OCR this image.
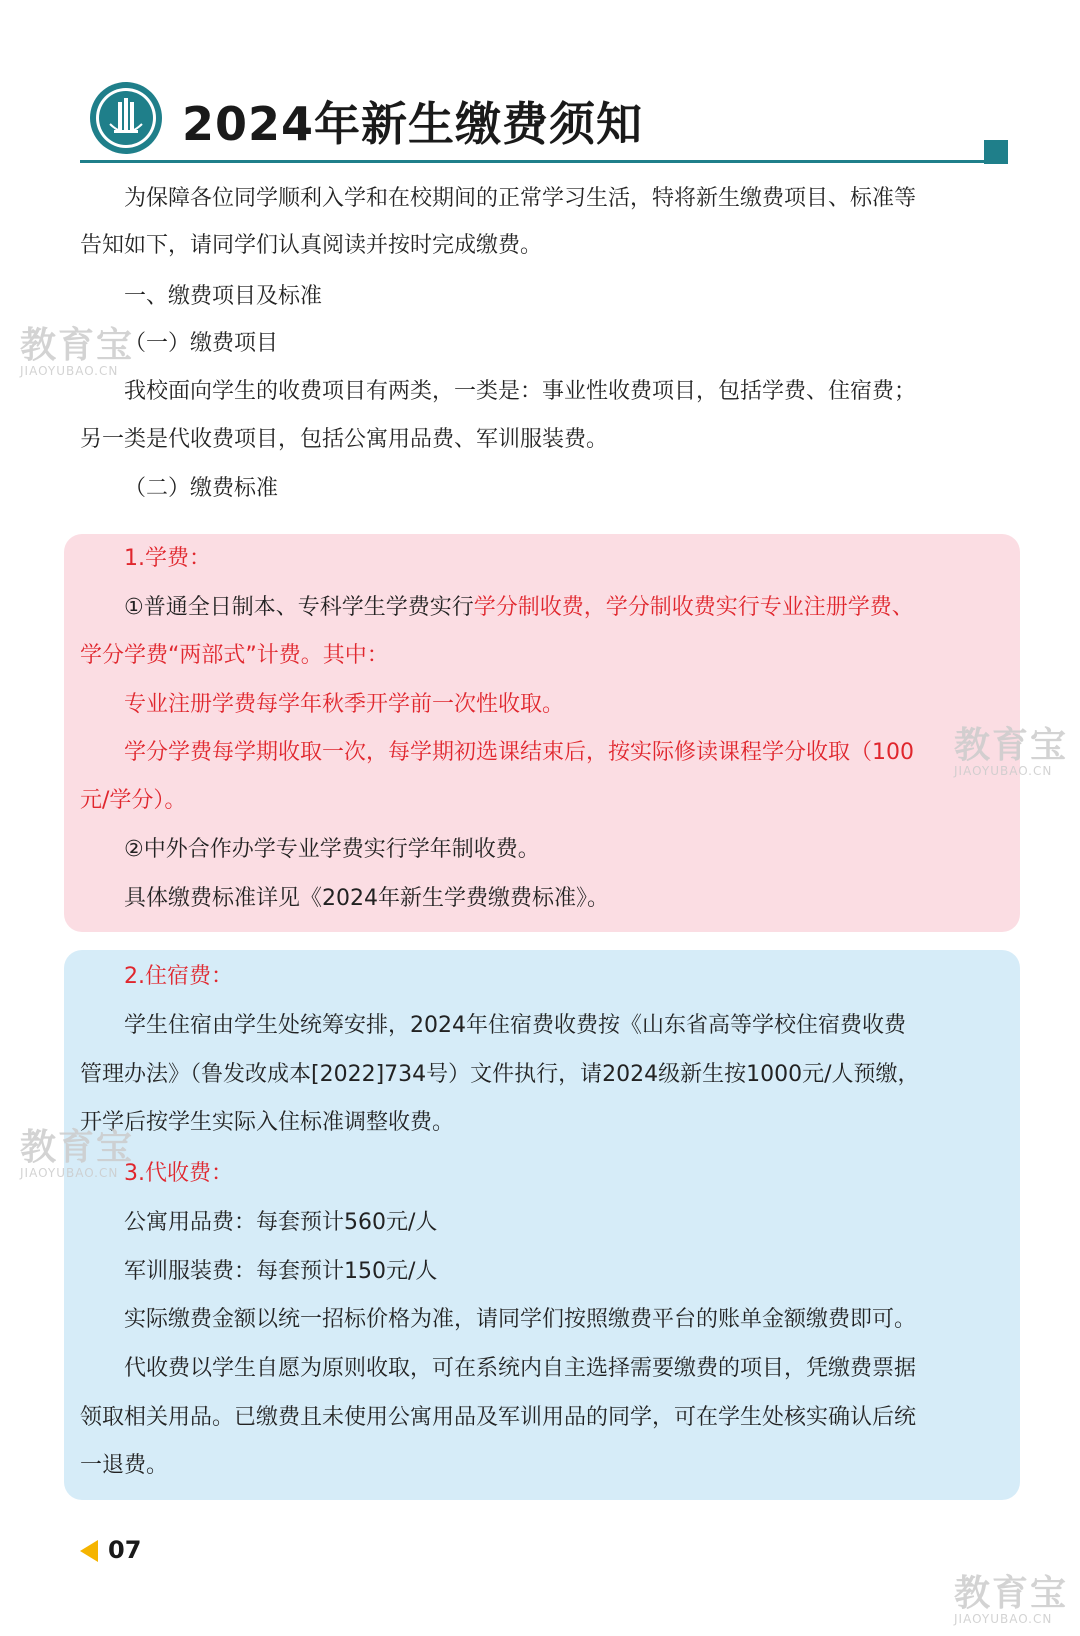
2024年新生缴费须知
为保障各位同学顺利入学和在校期间的正常学习生活，特将新生缴费项目、标准等
告知如下，请同学们认真阅读并按时完成缴费。
一、缴费项目及标准
（一）缴费项目
我校面向学生的收费项目有两类，一类是：事业性收费项目，包括学费、住宿费；
另一类是代收费项目，包括公寓用品费、军训服装费。
（二）缴费标准
1.学费：
①普通全日制本、专科学生学费实行学分制收费，学分制收费实行专业注册学费、
学分学费“两部式”计费。其中：
专业注册学费每学年秋季开学前一次性收取。
学分学费每学期收取一次，每学期初选课结束后，按实际修读课程学分收取（100
元/学分）。
②中外合作办学专业学费实行学年制收费。
具体缴费标准详见《2024年新生学费缴费标准》。
2.住宿费：
学生住宿由学生处统筹安排，2024年住宿费收费按《山东省高等学校住宿费收费
管理办法》（鲁发改成本[2022]734号）文件执行，请2024级新生按1000元/人预缴，
开学后按学生实际入住标准调整收费。
3.代收费：
公寓用品费：每套预计560元/人
军训服装费：每套预计150元/人
实际缴费金额以统一招标价格为准，请同学们按照缴费平台的账单金额缴费即可。
代收费以学生自愿为原则收取，可在系统内自主选择需要缴费的项目，凭缴费票据
领取相关用品。已缴费且未使用公寓用品及军训用品的同学，可在学生处核实确认后统
一退费。
教育宝
JIAOYUBAO.CN
教育宝
JIAOYUBAO.CN
教育宝
JIAOYUBAO.CN
教育宝
JIAOYUBAO.CN
07
